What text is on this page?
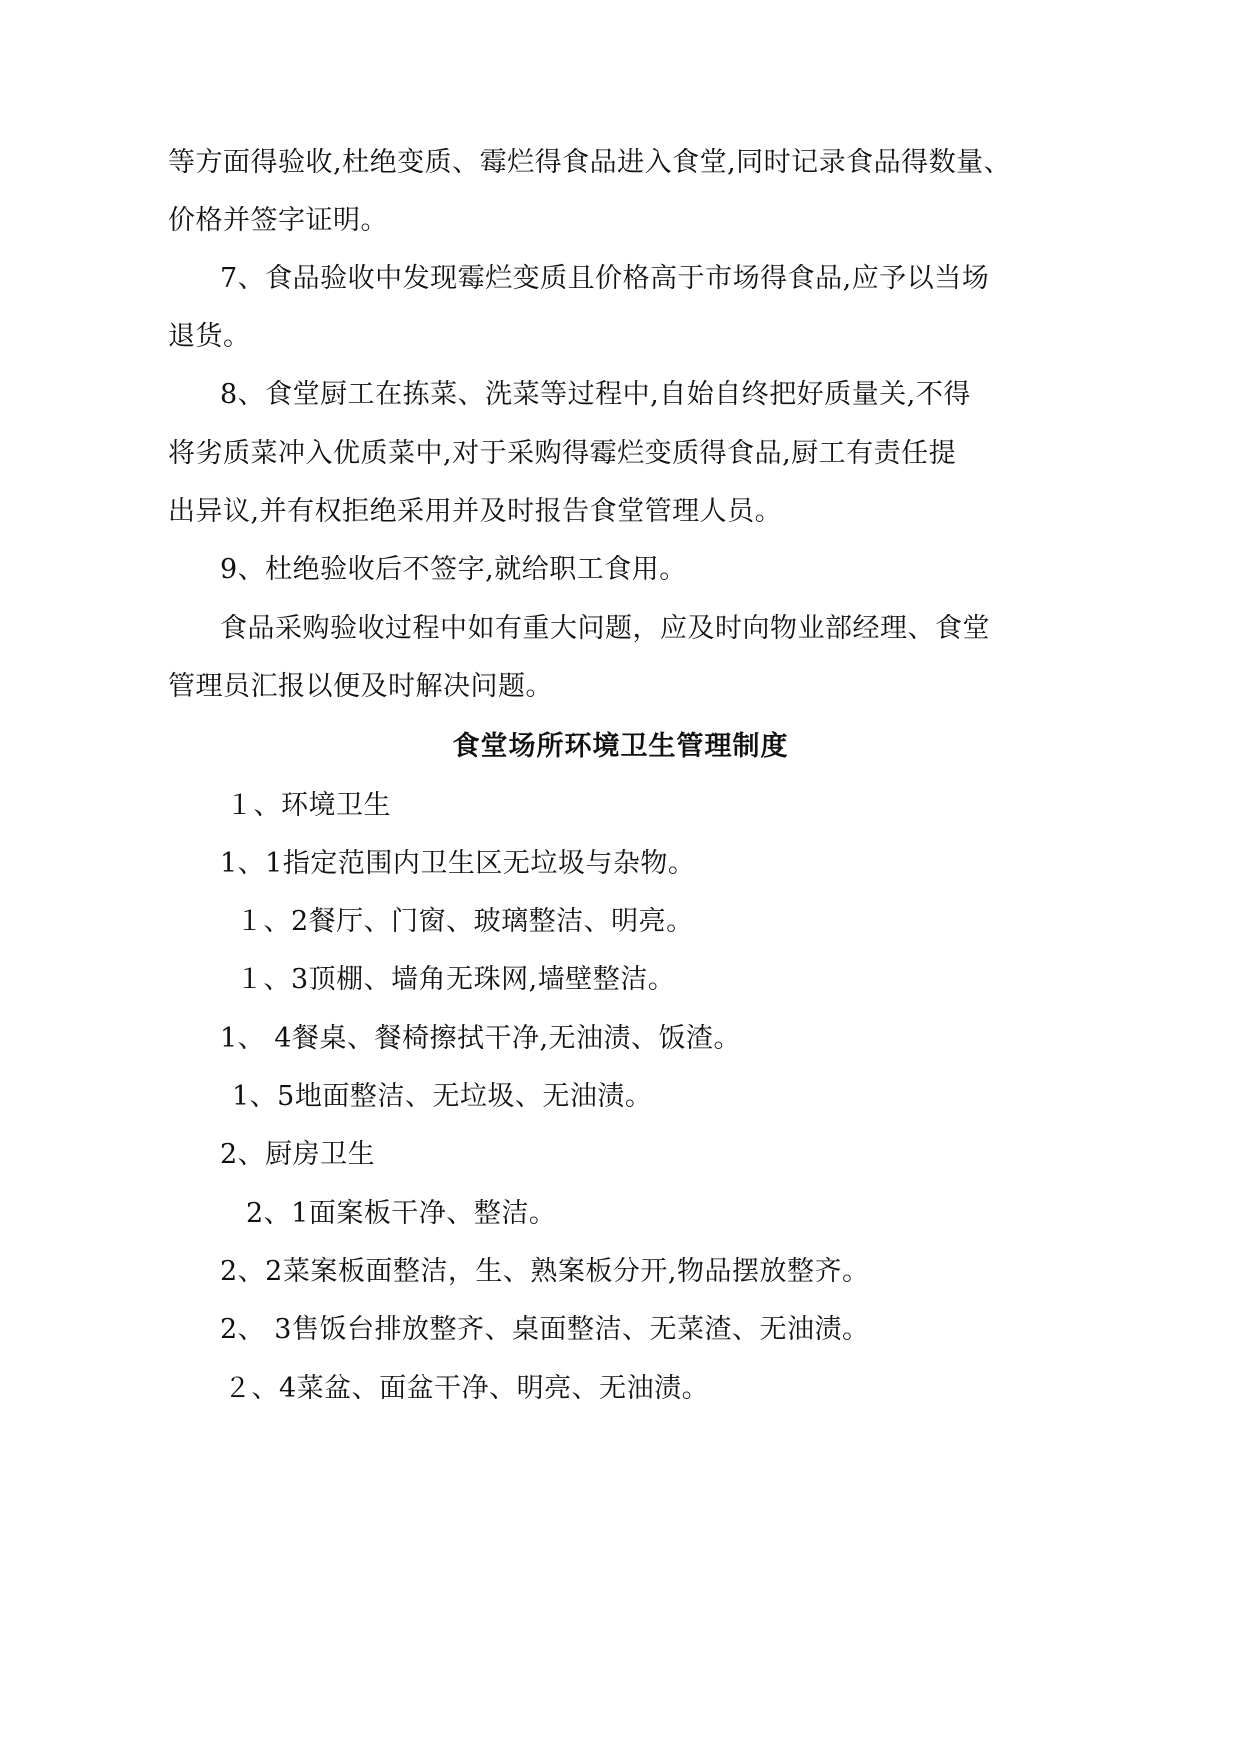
等方面得验收,杜绝变质、霉烂得食品进入食堂,同时记录食品得数量、
价格并签字证明。
7、食品验收中发现霉烂变质且价格高于市场得食品,应予以当场
退货。
8、食堂厨工在拣菜、洗菜等过程中,自始自终把好质量关,不得
将劣质菜冲入优质菜中,对于采购得霉烂变质得食品,厨工有责任提
出异议,并有权拒绝采用并及时报告食堂管理人员。
9、杜绝验收后不签字,就给职工食用。
食品采购验收过程中如有重大问题，应及时向物业部经理、食堂
管理员汇报以便及时解决问题。
食堂场所环境卫生管理制度
１、环境卫生
1、1指定范围内卫生区无垃圾与杂物。
１、2餐厅、门窗、玻璃整洁、明亮。
１、3顶棚、墙角无珠网,墙壁整洁。
1、 4餐桌、餐椅擦拭干净,无油渍、饭渣。
1、5地面整洁、无垃圾、无油渍。
2、厨房卫生
2、1面案板干净、整洁。
2、2菜案板面整洁，生、熟案板分开,物品摆放整齐。
2、 3售饭台排放整齐、桌面整洁、无菜渣、无油渍。
２、4菜盆、面盆干净、明亮、无油渍。
